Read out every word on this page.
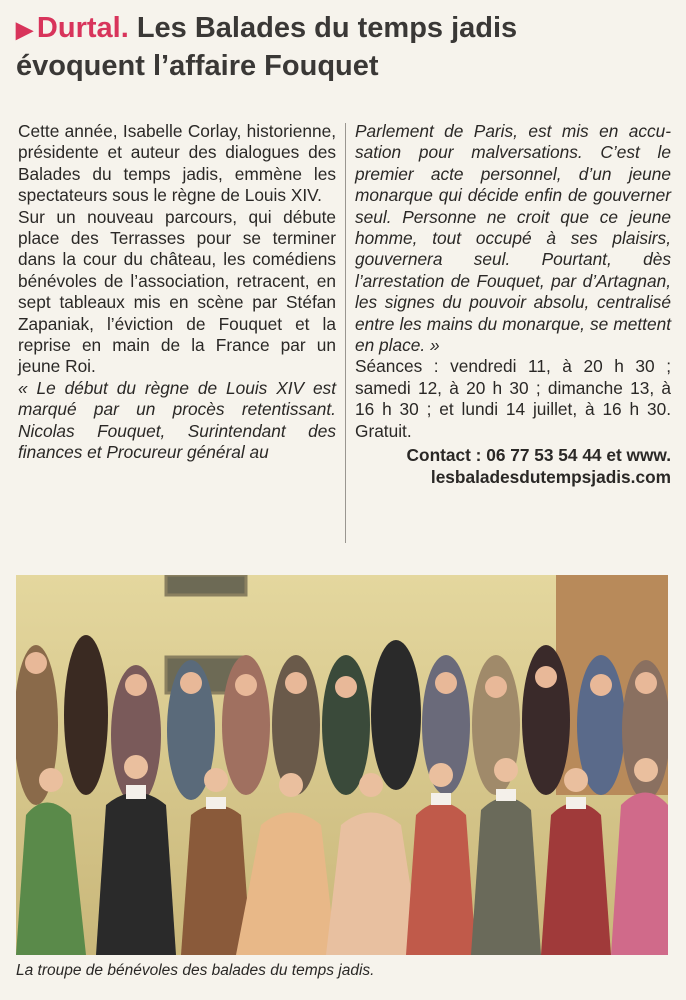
▶ Durtal. Les Balades du temps jadis
évoquent l’affaire Fouquet

Cette année, Isabelle Corlay, historienne, présidente et auteur des dialogues des Balades du temps jadis, emmène les spectateurs sous le règne de Louis XIV.

Sur un nouveau parcours, qui débute place des Terrasses pour se terminer dans la cour du château, les comédiens bénévoles de l’association, retracent, en sept tableaux mis en scène par Stéfan Zapaniak, l’éviction de Fouquet et la reprise en main de la France par un jeune Roi.

« Le début du règne de Louis XIV est marqué par un procès retentissant. Nicolas Fouquet, Surintendant des finances et Procureur général au

Parlement de Paris, est mis en accusation pour malversations. C’est le premier acte personnel, d’un jeune monarque qui décide enfin de gouverner seul. Personne ne croit que ce jeune homme, tout occupé à ses plaisirs, gouvernera seul. Pourtant, dès l’arrestation de Fouquet, par d’Artagnan, les signes du pouvoir absolu, centralisé entre les mains du monarque, se mettent en place. »

Séances : vendredi 11, à 20 h 30 ; samedi 12, à 20 h 30 ; dimanche 13, à 16 h 30 ; et lundi 14 juillet, à 16 h 30. Gratuit.

Contact : 06 77 53 54 44 et www.
lesbaladesdutempsjadis.com

La troupe de bénévoles des balades du temps jadis.
